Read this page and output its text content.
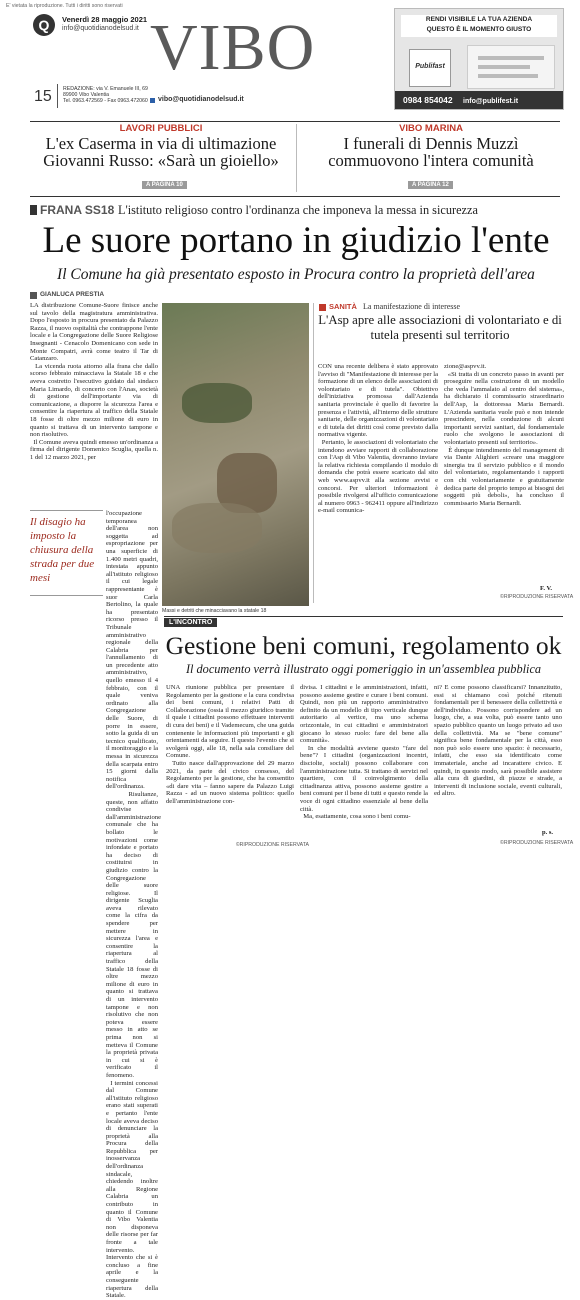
E' vietata la riproduzione. Tutti i diritti sono riservati
Q	Venerdì 28 maggio 2021
info@quotidianodelsud.it VIBO
15 REDAZIONE: via V. Emanuele III, 69
89900 Vibo Valentia
Tel. 0963.472569 - Fax 0963.472060 vibo@quotidianodelsud.it
RENDI VISIBILE LA TUA AZIENDA
QUESTO È IL MOMENTO GIUSTO
Publifast
0984 854042 info@publifest.it
LAVORI PUBBLICI
L'ex Caserma in via di ultimazione
Giovanni Russo: «Sarà un gioiello»
A PAGINA 10
VIBO MARINA
I funerali di Dennis Muzzì
commuovono l'intera comunità
A PAGINA 12
FRANA SS18 L'istituto religioso contro l'ordinanza che imponeva la messa in sicurezza
Le suore portano in giudizio l'ente
Il Comune ha già presentato esposto in Procura contro la proprietà dell'area
GIANLUCA PRESTIA
LA distribuzione Comune-Suore finisce anche sul tavolo della magistratura amministrativa. Dopo l'esposto in procura presentato da Palazzo Razza, il nuovo ospitalità che contrappone l'ente locale e la Congregazione delle Suore Religiose Insegnanti - Cenacolo Domenicano con sede in Monte Compatri, avrà come teatro il Tar di Catanzaro.
La vicenda ruota attorno alla frana che dallo scorso febbraio minacciava la Statale 18 e che aveva costretto l'esecutivo guidato dal sindaco Maria Limardo, di concerto con l'Anas, società di gestione dell'importante via di comunicazione, a disporre la sicurezza l'area e consentire la riapertura al traffico della Statale 18 fosse di oltre mezzo milione di euro in quanto si trattava di un intervento tampone e non risolutivo.
Il Comune aveva quindi emesso un'ordinanza a firma del dirigente Domenico Scuglia, quella n. 1 del 12 marzo 2021, per
Il disagio ha imposto la chiusura della strada per due mesi
l'occupazione temporanea dell'area non soggetta ad espropriazione per una superficie di 1.400 metri quadri, intestata appunto all'istituto religioso il cui legale rappresentante è suor Carla Bertolino, la quale ha presentato ricorso presso il Tribunale amministrativo regionale della Calabria per l'annullamento di un precedente atto amministrativo, quello emesso il 4 febbraio, con il quale veniva ordinato alla Congregazione delle Suore, di porre in essere, sotto la guida di un tecnico qualificato, il monitoraggio e la messa in sicurezza della scarpata entro 15 giorni dalla notifica dell'ordinanza.
Risultanze, queste, non affatto condivise dall'amministrazione comunale che ha bollato le motivazioni come infondate e portato ha deciso di costituirsi in giudizio contro la Congregazione delle suore religiose. Il dirigente Scuglia aveva rilevato come la cifra da spendere per mettere in sicurezza l'area e consentire la riapertura al traffico della Statale 18 fosse di oltre mezzo milione di euro in quanto si trattava di un intervento tampone e non risolutivo che non poteva essere messo in atto se prima non si metteva il Comune la proprietà privata in cui si è verificato il fenomeno.
I termini concessi dal Comune all'istituto religioso erano stati superati e pertanto l'ente locale aveva deciso di denunciare la proprietà alla Procura della Repubblica per inosservanza dell'ordinanza sindacale, chiedendo inoltre alla Regione Calabria un contributo in quanto il Comune di Vibo Valentia non disponeva delle risorse per far fronte a tale intervento. Intervento che si è concluso a fine aprile e la conseguente riapertura della Statale.
Massi e detriti che minacciavano la statale 18
©RIPRODUZIONE RISERVATA
SANITÀ La manifestazione di interesse
L'Asp apre alle associazioni di volontariato e di tutela presenti sul territorio
CON una recente delibera è stato approvato l'avviso di "Manifestazione di interesse per la formazione di un elenco delle associazioni di volontariato e di tutela". Obiettivo dell'iniziativa promossa dall'Azienda sanitaria provinciale è quello di favorire la presenza e l'attività, all'interno delle strutture sanitarie, delle organizzazioni di volontariato e di tutela dei diritti così come previsto dalla normativa vigente.
Pertanto, le associazioni di volontariato che intendono avviare rapporti di collaborazione con l'Asp di Vibo Valentia, dovranno inviare la relativa richiesta compilando il modulo di domanda che potrà essere scaricato dal sito web www.aspvv.it alla sezione avvisi e concorsi. Per ulteriori informazioni è possibile rivolgersi all'ufficio comunicazione al numero 0963 - 962411 oppure all'indirizzo e-mail comunica-
zione@aspvv.it.
«Si tratta di un concreto passo in avanti per proseguire nella costruzione di un modello che veda l'ammalato al centro del sistema», ha dichiarato il commissario straordinario dell'Asp, la dottoressa Maria Bernardi. L'Azienda sanitaria vuole può e non intende prescindere, nella conduzione di alcuni importanti servizi sanitari, dal fondamentale ruolo che svolgono le associazioni di volontariato presenti sul territorio».
È dunque intendimento del management di via Dante Alighieri «creare una maggiore sinergia tra il servizio pubblico e il mondo del volontariato, regolamentando i rapporti con chi volontariamente e gratuitamente dedica parte del proprio tempo ai bisogni dei soggetti più deboli», ha concluso il commissario Maria Bernardi.
F. V.
©RIPRODUZIONE RISERVATA
L'INCONTRO
Gestione beni comuni, regolamento ok
Il documento verrà illustrato oggi pomeriggio in un'assemblea pubblica
UNA riunione pubblica per presentare il Regolamento per la gestione e la cura condivisa dei beni comuni, i relativi Patti di Collaborazione (ossia il mezzo giuridico tramite il quale i cittadini possono effettuare interventi di cura dei beni) e il Vademecum, che una guida contenente le informazioni più importanti e gli orientamenti da seguire. Il questo l'evento che si svolgerà oggi, alle 18, nella sala consiliare del Comune.
Tutto nasce dall'approvazione del 29 marzo 2021, da parte del civico consesso, del Regolamento per la gestione, che ha consentito «di dare vita – fanno sapere da Palazzo Luigi Razza - ad un nuovo sistema politico: quello dell'amministrazione con-
divisa. I cittadini e le amministrazioni, infatti, possono assieme gestire e curare i beni comuni. Quindi, non più un rapporto amministrativo definito da un modello di tipo verticale dunque autoritario al vertice, ma uno schema orizzontale, in cui cittadini e amministratori giocano lo stesso ruolo: fare del bene alla comunità».
In che modalità avviene questo "fare del bene"? I cittadini (organizzazioni incentri, disciolte, sociali) possono collaborare con l'amministrazione tutta. Si trattano di servizi nel quartiere, con il coinvolgimento della cittadinanza attiva, possono assieme gestire a beni comuni per il bene di tutti e questo rende la voce di ogni cittadino essenziale al bene della città.
Ma, esattamente, cosa sono i beni comu-
ni? E come possono classificarsi? Innanzitutto, essi si chiamano così poiché ritenuti fondamentali per il benessere della collettività e dell'individuo. Possono corrispondere ad un luogo, che, a sua volta, può essere tanto uno spazio pubblico quanto un luogo privato ad uso della collettività. Ma se "bene comune" significa bene fondamentale per la città, esso non può solo essere uno spazio: è necessario, infatti, che esso sia identificato come immateriale, anche ad incarattere civico. E quindi, in questo modo, sarà possibile assistere alla cura di giardini, di piazze e strade, a interventi di inclusione sociale, eventi culturali, ed altro.
p. s.
©RIPRODUZIONE RISERVATA
